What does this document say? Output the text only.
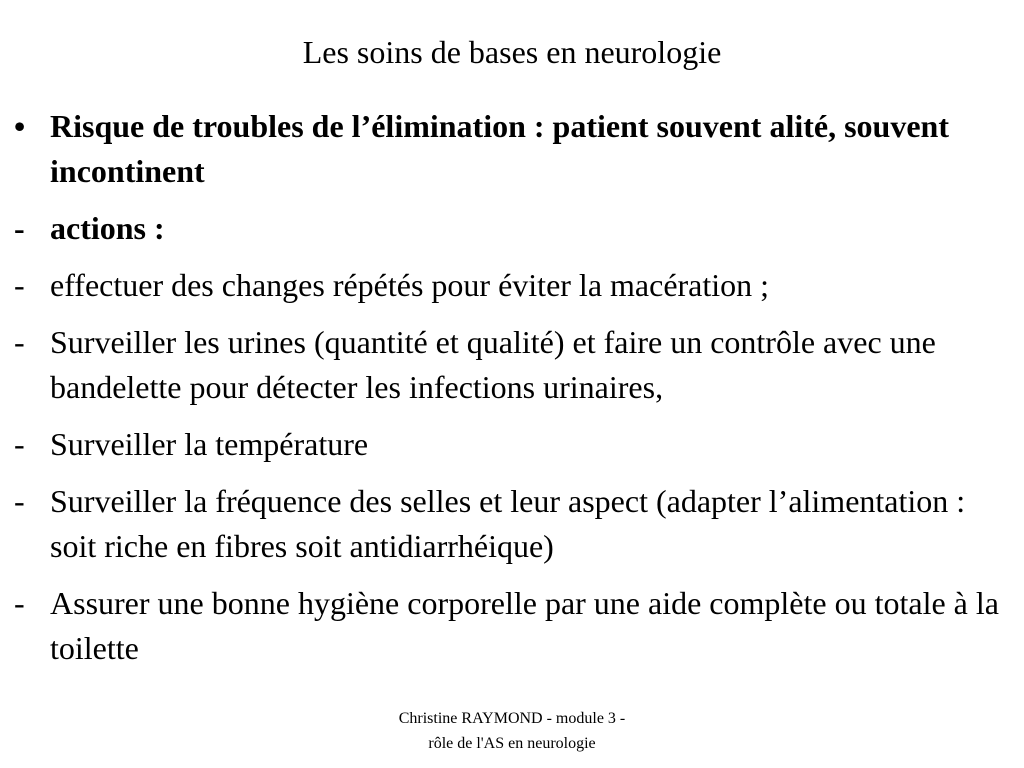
Les soins de bases en neurologie
• Risque de troubles de l’élimination : patient souvent alité, souvent incontinent
- actions :
- effectuer des changes répétés pour éviter la macération ;
- Surveiller les urines (quantité et qualité) et faire un contrôle avec une bandelette pour détecter les infections urinaires,
- Surveiller la température
- Surveiller la fréquence des selles et leur aspect (adapter l’alimentation : soit riche en fibres soit antidiarrhéique)
- Assurer une bonne hygiène corporelle par une aide complète ou totale à la toilette
Christine RAYMOND - module 3 -
rôle de l'AS en neurologie
